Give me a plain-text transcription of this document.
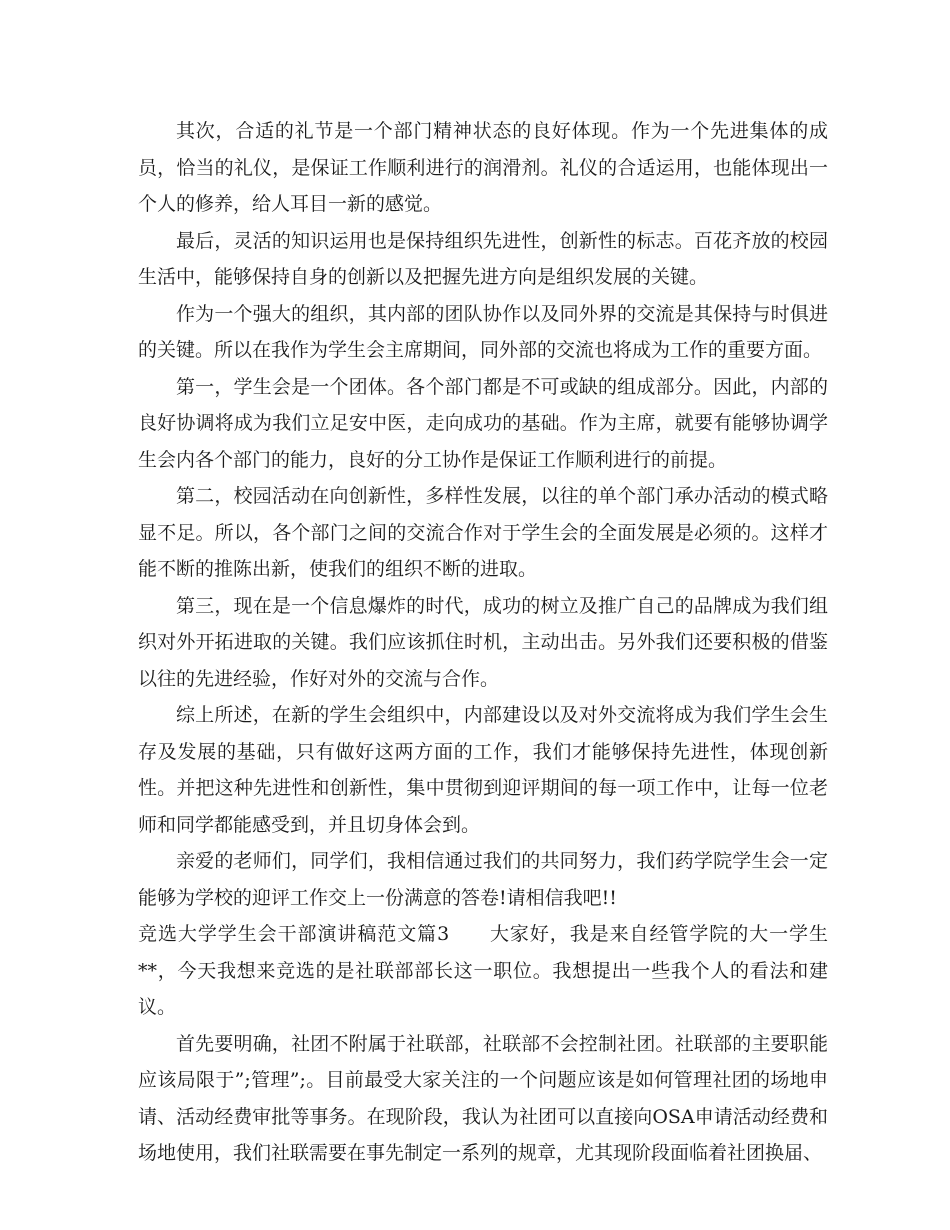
其次，合适的礼节是一个部门精神状态的良好体现。作为一个先进集体的成员，恰当的礼仪，是保证工作顺利进行的润滑剂。礼仪的合适运用，也能体现出一个人的修养，给人耳目一新的感觉。

最后，灵活的知识运用也是保持组织先进性，创新性的标志。百花齐放的校园生活中，能够保持自身的创新以及把握先进方向是组织发展的关键。

作为一个强大的组织，其内部的团队协作以及同外界的交流是其保持与时俱进的关键。所以在我作为学生会主席期间，同外部的交流也将成为工作的重要方面。

第一，学生会是一个团体。各个部门都是不可或缺的组成部分。因此，内部的良好协调将成为我们立足安中医，走向成功的基础。作为主席，就要有能够协调学生会内各个部门的能力，良好的分工协作是保证工作顺利进行的前提。

第二，校园活动在向创新性，多样性发展，以往的单个部门承办活动的模式略显不足。所以，各个部门之间的交流合作对于学生会的全面发展是必须的。这样才能不断的推陈出新，使我们的组织不断的进取。

第三，现在是一个信息爆炸的时代，成功的树立及推广自己的品牌成为我们组织对外开拓进取的关键。我们应该抓住时机，主动出击。另外我们还要积极的借鉴以往的先进经验，作好对外的交流与合作。

综上所述，在新的学生会组织中，内部建设以及对外交流将成为我们学生会生存及发展的基础，只有做好这两方面的工作，我们才能够保持先进性，体现创新性。并把这种先进性和创新性，集中贯彻到迎评期间的每一项工作中，让每一位老师和同学都能感受到，并且切身体会到。

亲爱的老师们，同学们，我相信通过我们的共同努力，我们药学院学生会一定能够为学校的迎评工作交上一份满意的答卷!请相信我吧!!

竞选大学学生会干部演讲稿范文篇3　　大家好，我是来自经管学院的大一学生**，今天我想来竞选的是社联部部长这一职位。我想提出一些我个人的看法和建议。

首先要明确，社团不附属于社联部，社联部不会控制社团。社联部的主要职能应该局限于”;管理”;。目前最受大家关注的一个问题应该是如何管理社团的场地申请、活动经费审批等事务。在现阶段，我认为社团可以直接向OSA申请活动经费和场地使用，我们社联需要在事先制定一系列的规章，尤其现阶段面临着社团换届、
